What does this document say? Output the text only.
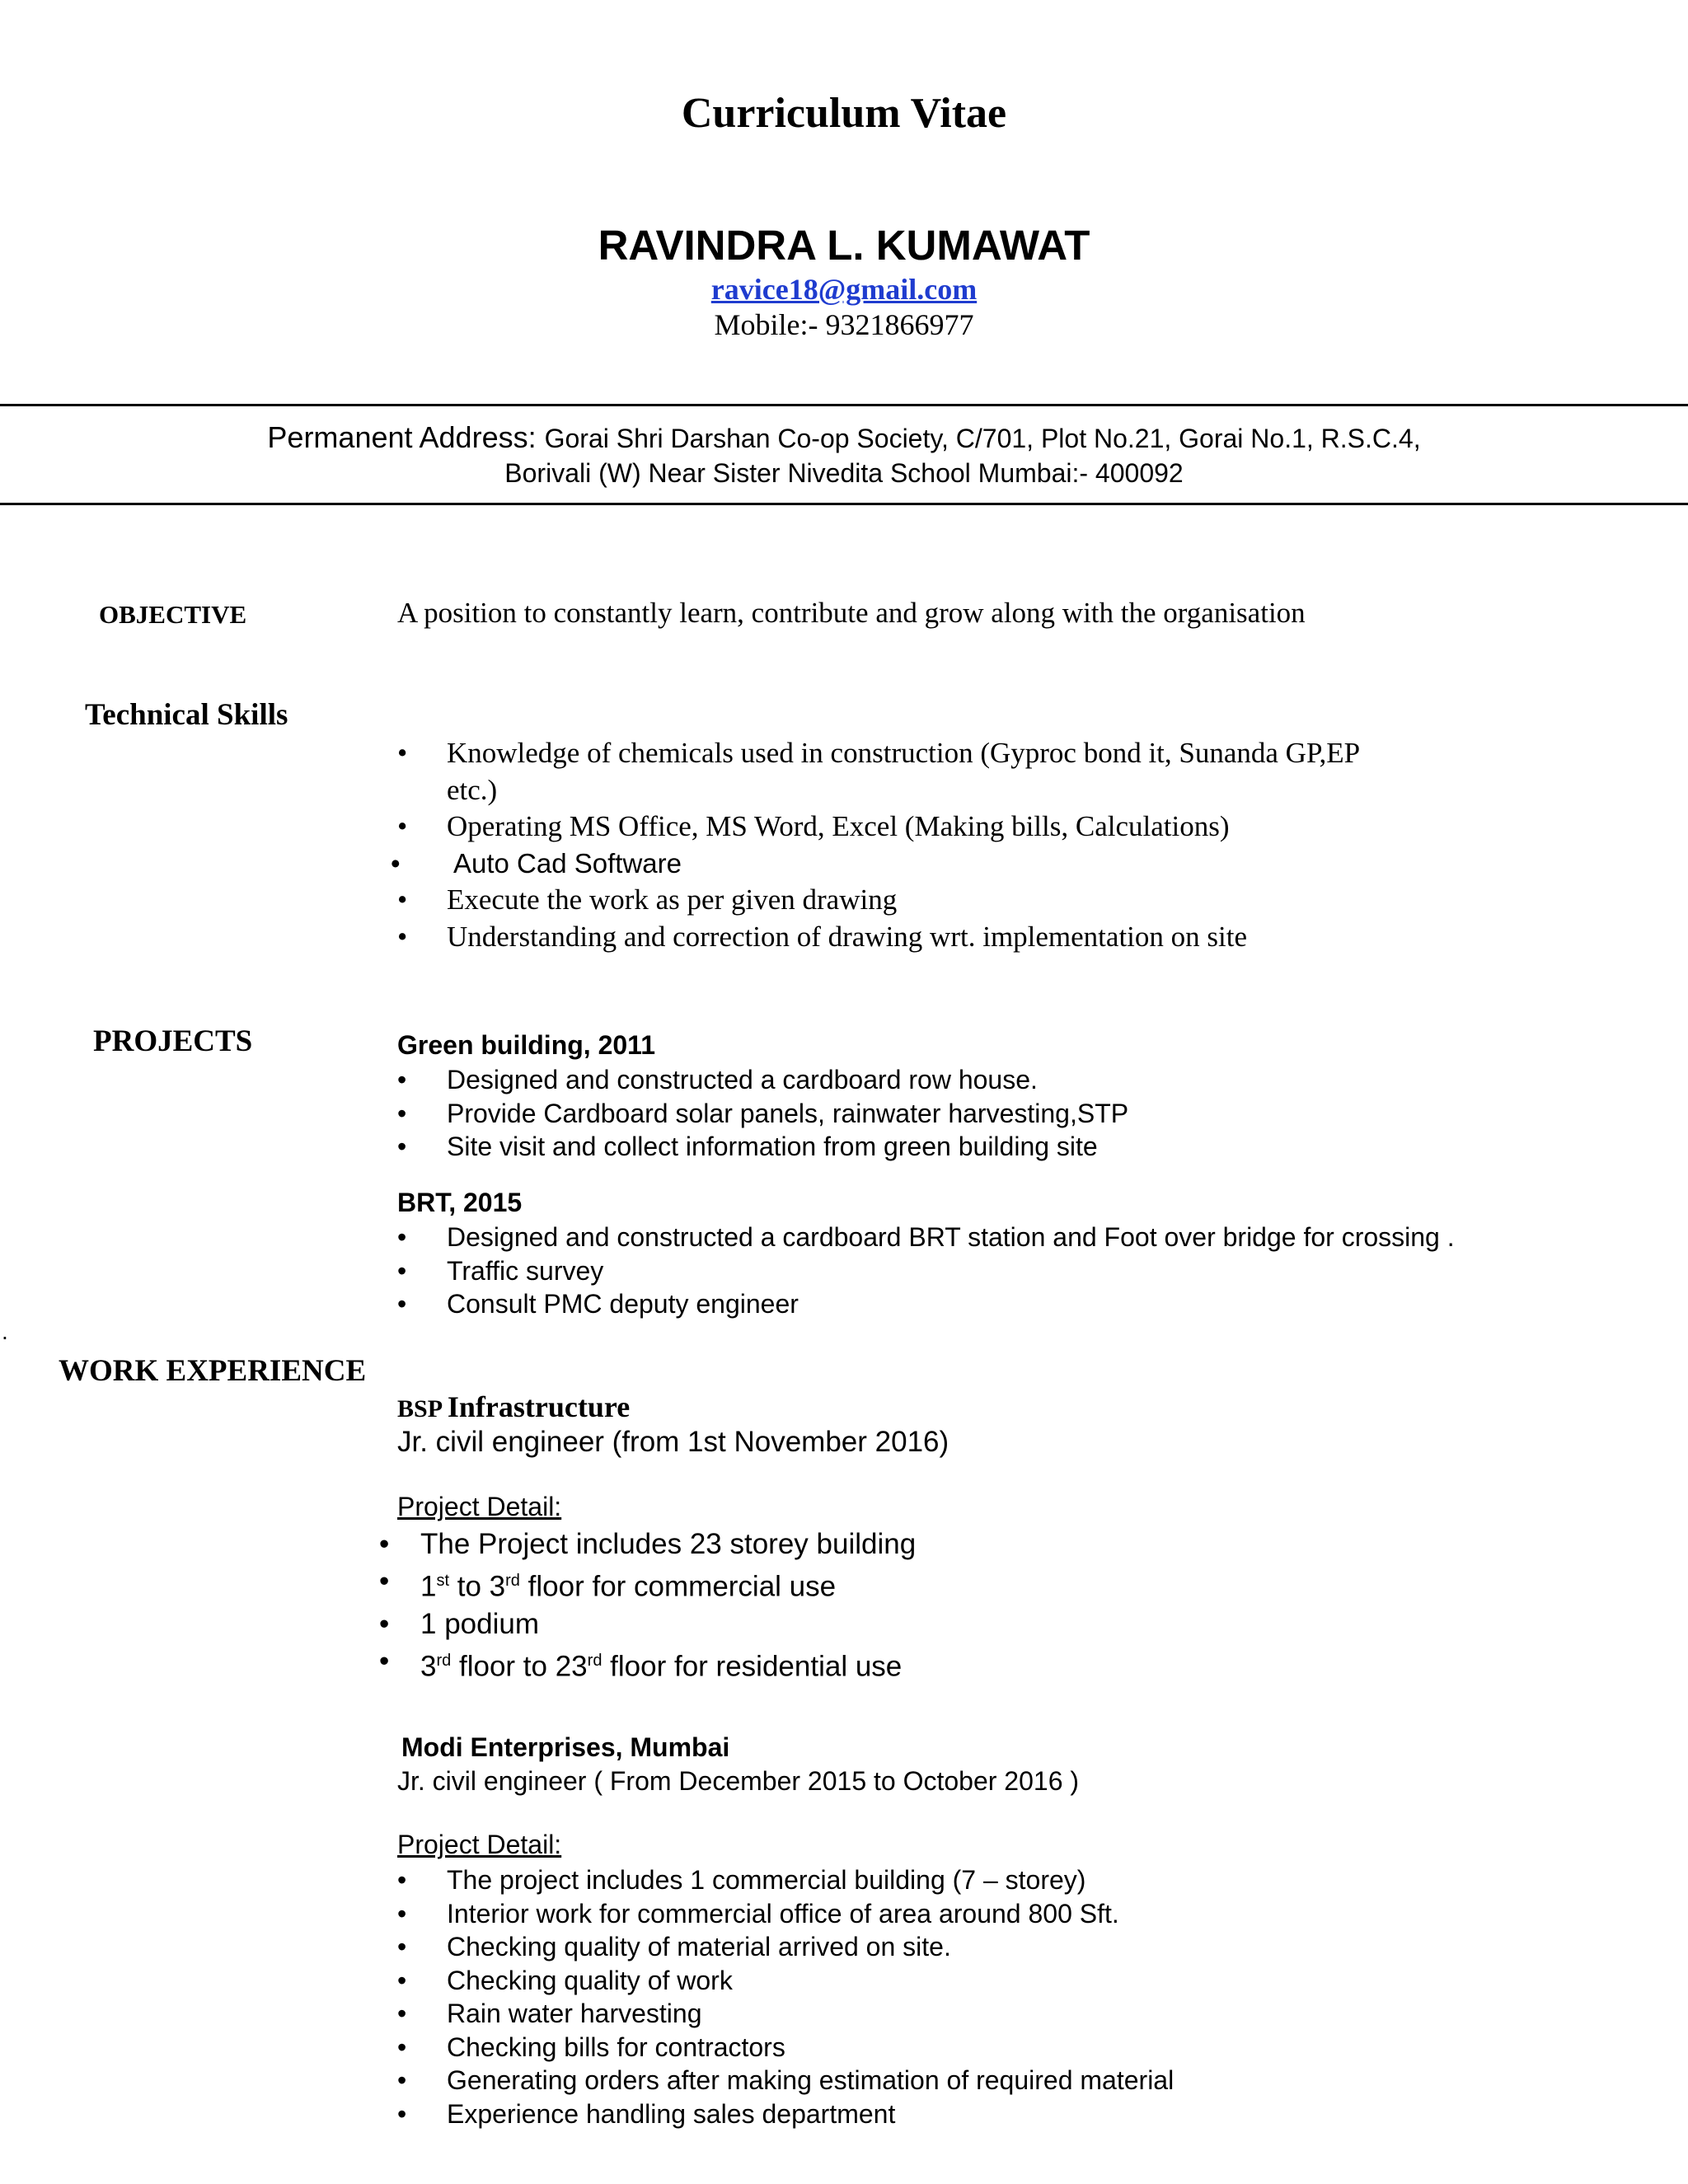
Curriculum Vitae
RAVINDRA L. KUMAWAT
ravice18@gmail.com
Mobile:- 9321866977
Permanent Address: Gorai Shri Darshan Co-op Society, C/701, Plot No.21, Gorai No.1, R.S.C.4,
Borivali (W) Near Sister Nivedita School Mumbai:- 400092
OBJECTIVE	A position to constantly learn, contribute and grow along with the organisation
Technical Skills
• Knowledge of chemicals used in construction (Gyproc bond it, Sunanda GP,EP
etc.)
• Operating MS Office, MS Word, Excel (Making bills, Calculations)
• Auto Cad Software
• Execute the work as per given drawing
• Understanding and correction of drawing wrt. implementation on site
PROJECTS	Green building, 2011
• Designed and constructed a cardboard row house.
• Provide Cardboard solar panels, rainwater harvesting,STP
• Site visit and collect information from green building site
BRT, 2015
• Designed and constructed a cardboard BRT station and Foot over bridge for crossing .
• Traffic survey
• Consult PMC deputy engineer
.
WORK EXPERIENCE
BSP Infrastructure
Jr. civil engineer (from 1st November 2016)
Project Detail:
• The Project includes 23 storey building
• 1st to 3rd floor for commercial use
• 1 podium
• 3rd floor to 23rd floor for residential use
Modi Enterprises, Mumbai
Jr. civil engineer ( From December 2015 to October 2016 )
Project Detail:
• The project includes 1 commercial building (7 – storey)
• Interior work for commercial office of area around 800 Sft.
• Checking quality of material arrived on site.
• Checking quality of work
• Rain water harvesting
• Checking bills for contractors
• Generating orders after making estimation of required material
• Experience handling sales department
